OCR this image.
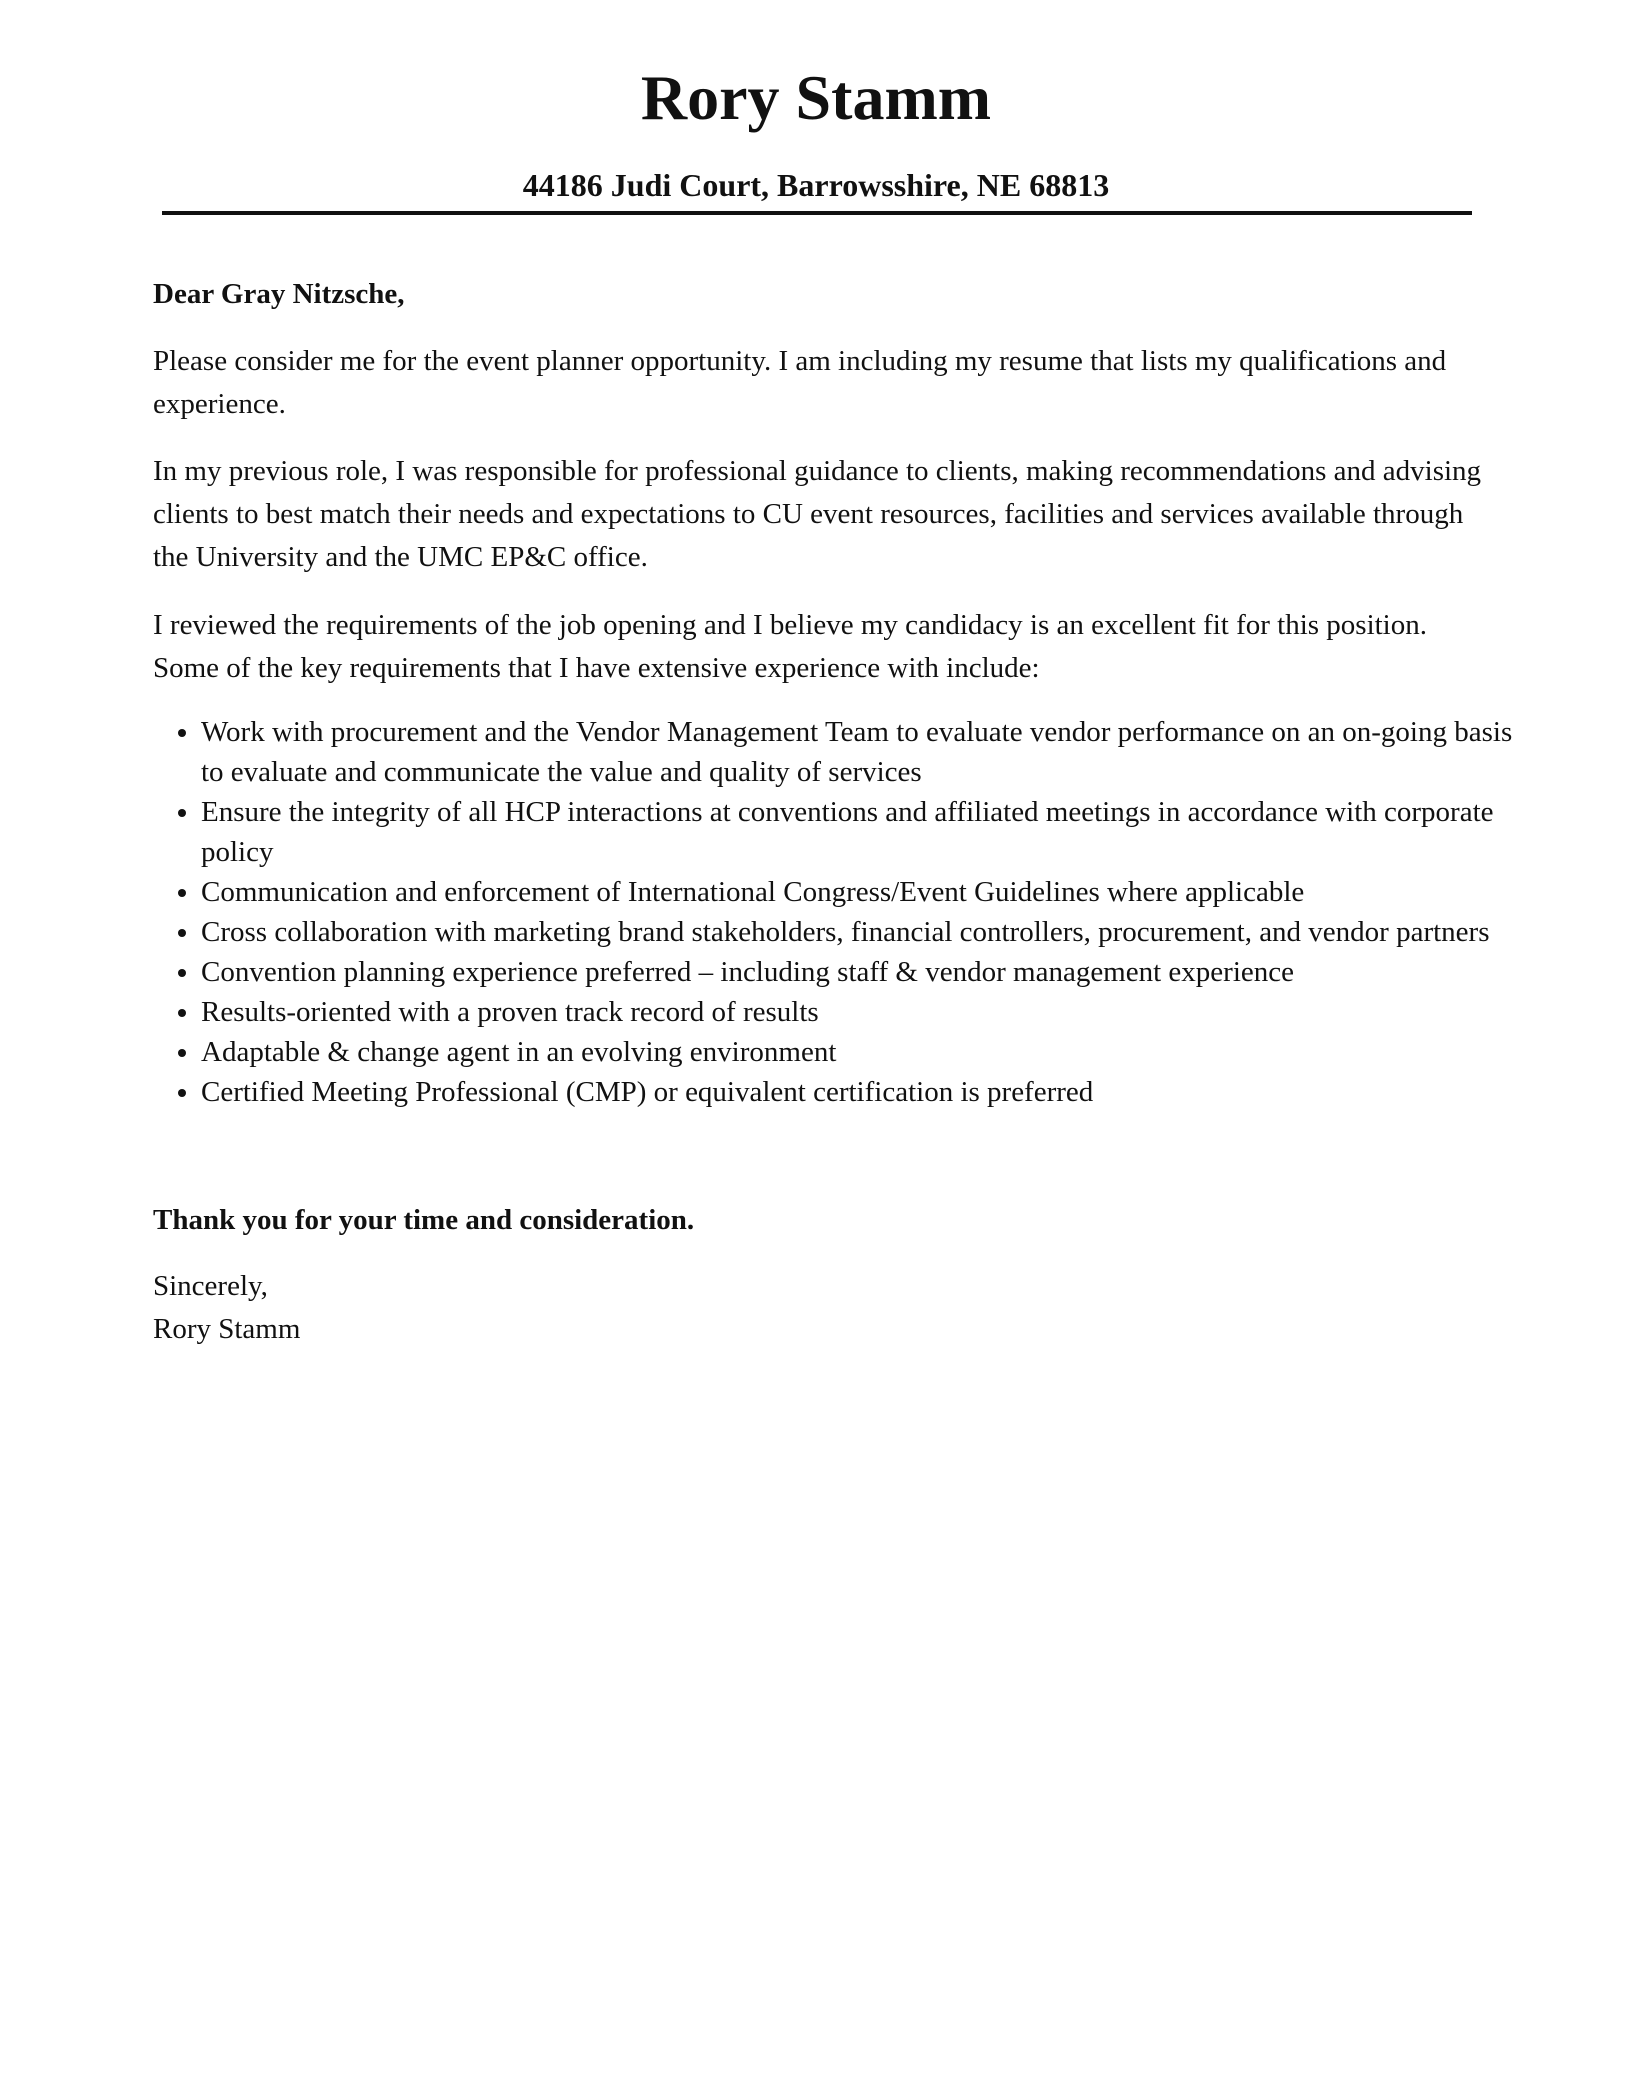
Rory Stamm
44186 Judi Court, Barrowsshire, NE 68813
Dear Gray Nitzsche,
Please consider me for the event planner opportunity. I am including my resume that lists my qualifications and experience.
In my previous role, I was responsible for professional guidance to clients, making recommendations and advising clients to best match their needs and expectations to CU event resources, facilities and services available through the University and the UMC EP&C office.
I reviewed the requirements of the job opening and I believe my candidacy is an excellent fit for this position. Some of the key requirements that I have extensive experience with include:
Work with procurement and the Vendor Management Team to evaluate vendor performance on an on-going basis to evaluate and communicate the value and quality of services
Ensure the integrity of all HCP interactions at conventions and affiliated meetings in accordance with corporate policy
Communication and enforcement of International Congress/Event Guidelines where applicable
Cross collaboration with marketing brand stakeholders, financial controllers, procurement, and vendor partners
Convention planning experience preferred – including staff & vendor management experience
Results-oriented with a proven track record of results
Adaptable & change agent in an evolving environment
Certified Meeting Professional (CMP) or equivalent certification is preferred
Thank you for your time and consideration.
Sincerely,
Rory Stamm
